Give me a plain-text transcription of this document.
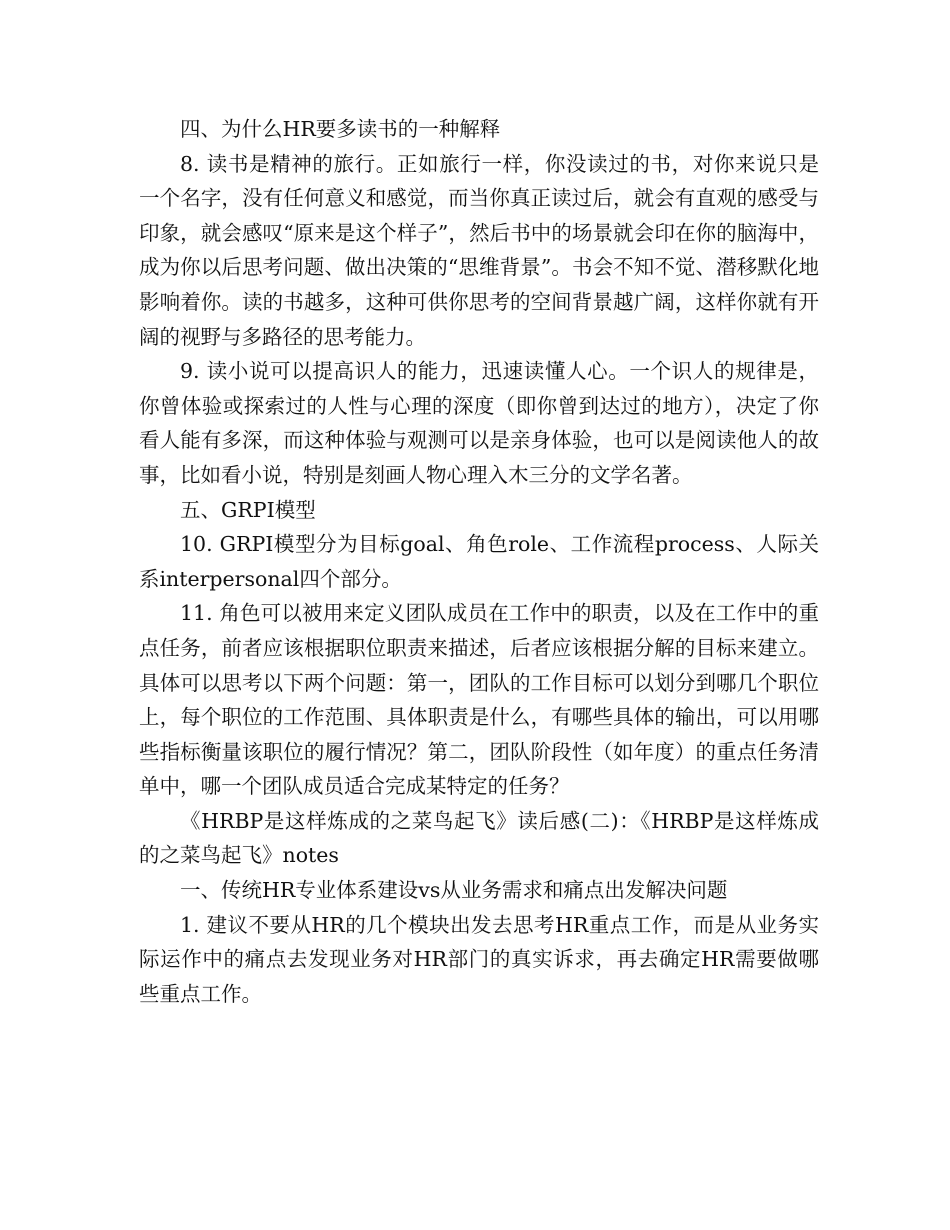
四、为什么HR要多读书的一种解释

8. 读书是精神的旅行。正如旅行一样，你没读过的书，对你来说只是一个名字，没有任何意义和感觉，而当你真正读过后，就会有直观的感受与印象，就会感叹“原来是这个样子”，然后书中的场景就会印在你的脑海中，成为你以后思考问题、做出决策的“思维背景”。书会不知不觉、潜移默化地影响着你。读的书越多，这种可供你思考的空间背景越广阔，这样你就有开阔的视野与多路径的思考能力。

9. 读小说可以提高识人的能力，迅速读懂人心。一个识人的规律是，你曾体验或探索过的人性与心理的深度（即你曾到达过的地方），决定了你看人能有多深，而这种体验与观测可以是亲身体验，也可以是阅读他人的故事，比如看小说，特别是刻画人物心理入木三分的文学名著。

五、GRPI模型

10. GRPI模型分为目标goal、角色role、工作流程process、人际关系interpersonal四个部分。

11. 角色可以被用来定义团队成员在工作中的职责，以及在工作中的重点任务，前者应该根据职位职责来描述，后者应该根据分解的目标来建立。具体可以思考以下两个问题：第一，团队的工作目标可以划分到哪几个职位上，每个职位的工作范围、具体职责是什么，有哪些具体的输出，可以用哪些指标衡量该职位的履行情况？第二，团队阶段性（如年度）的重点任务清单中，哪一个团队成员适合完成某特定的任务？

《HRBP是这样炼成的之菜鸟起飞》读后感(二)：《HRBP是这样炼成的之菜鸟起飞》notes

一、传统HR专业体系建设vs从业务需求和痛点出发解决问题

1. 建议不要从HR的几个模块出发去思考HR重点工作，而是从业务实际运作中的痛点去发现业务对HR部门的真实诉求，再去确定HR需要做哪些重点工作。
